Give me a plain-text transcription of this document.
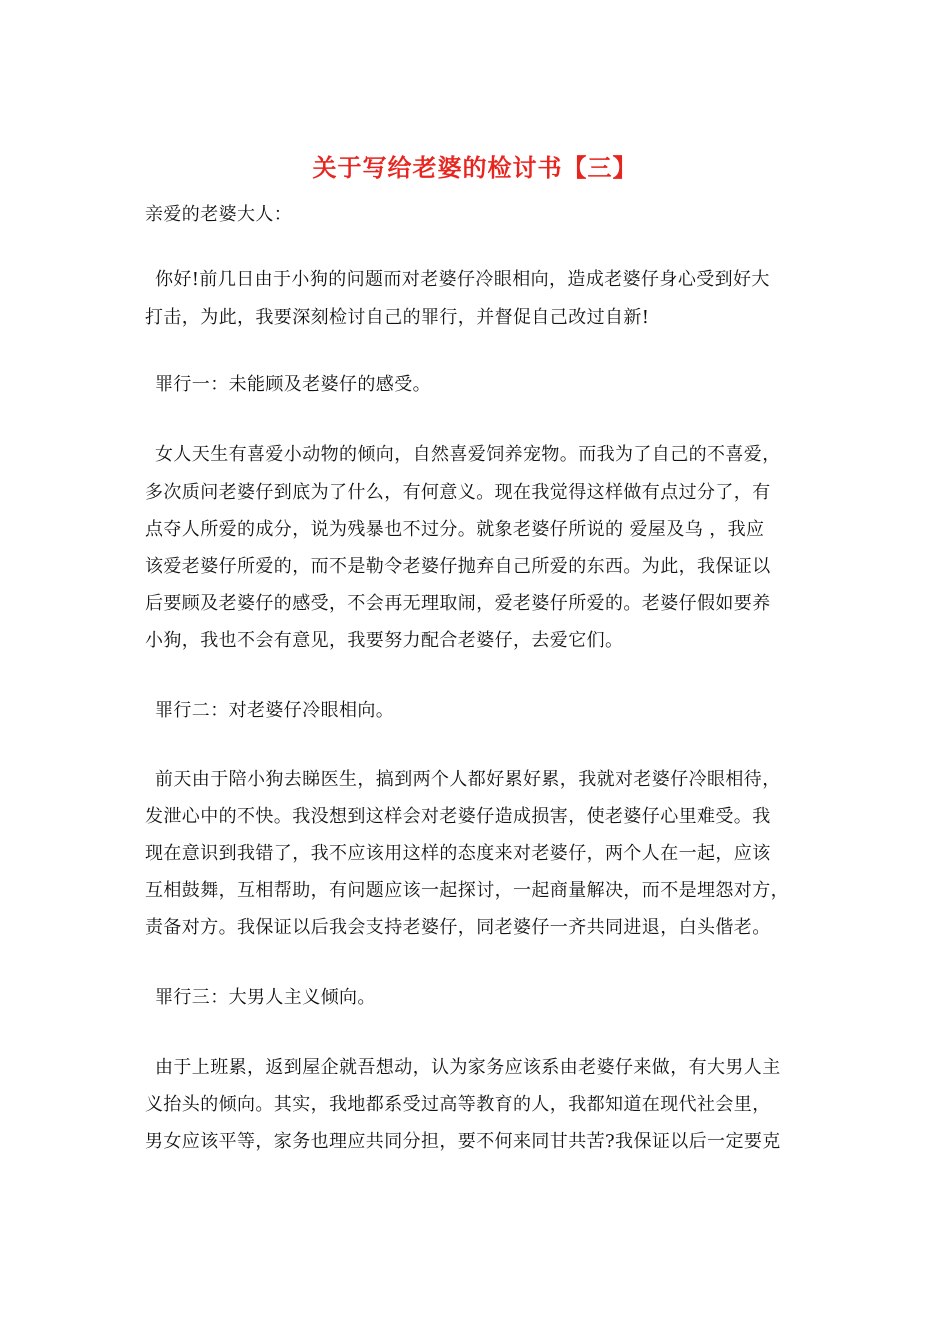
关于写给老婆的检讨书【三】
亲爱的老婆大人：
你好!前几日由于小狗的问题而对老婆仔冷眼相向，造成老婆仔身心受到好大
打击，为此，我要深刻检讨自己的罪行，并督促自己改过自新!
罪行一：未能顾及老婆仔的感受。
女人天生有喜爱小动物的倾向，自然喜爱饲养宠物。而我为了自己的不喜爱，
多次质问老婆仔到底为了什么，有何意义。现在我觉得这样做有点过分了，有
点夺人所爱的成分，说为残暴也不过分。就象老婆仔所说的 爱屋及乌 ，我应
该爱老婆仔所爱的，而不是勒令老婆仔抛弃自己所爱的东西。为此，我保证以
后要顾及老婆仔的感受，不会再无理取闹，爱老婆仔所爱的。老婆仔假如要养
小狗，我也不会有意见，我要努力配合老婆仔，去爱它们。
罪行二：对老婆仔冷眼相向。
前天由于陪小狗去睇医生，搞到两个人都好累好累，我就对老婆仔冷眼相待，
发泄心中的不快。我没想到这样会对老婆仔造成损害，使老婆仔心里难受。我
现在意识到我错了，我不应该用这样的态度来对老婆仔，两个人在一起，应该
互相鼓舞，互相帮助，有问题应该一起探讨，一起商量解决，而不是埋怨对方，
责备对方。我保证以后我会支持老婆仔，同老婆仔一齐共同进退，白头偕老。
罪行三：大男人主义倾向。
由于上班累，返到屋企就吾想动，认为家务应该系由老婆仔来做，有大男人主
义抬头的倾向。其实，我地都系受过高等教育的人，我都知道在现代社会里，
男女应该平等，家务也理应共同分担，要不何来同甘共苦?我保证以后一定要克
